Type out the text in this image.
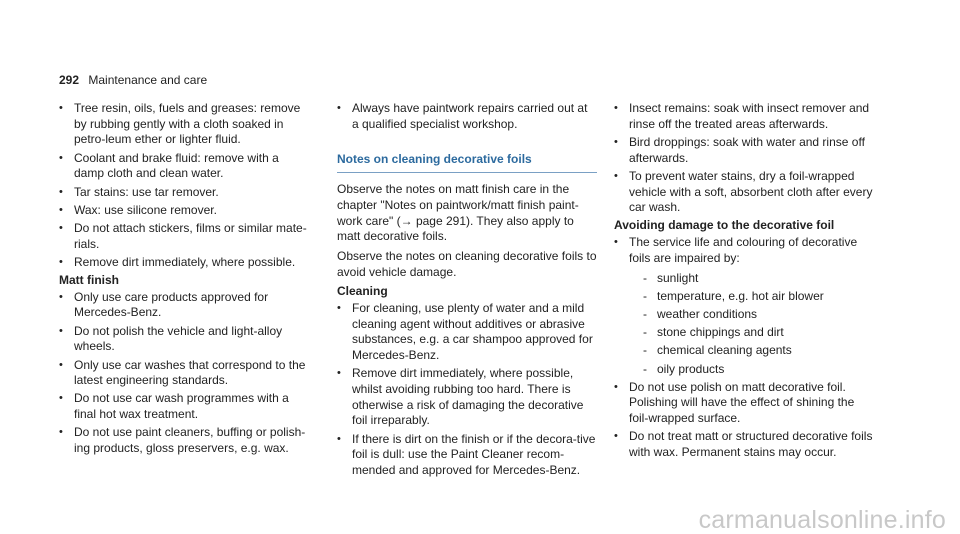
292 Maintenance and care
• Tree resin, oils, fuels and greases: remove by rubbing gently with a cloth soaked in petro-leum ether or lighter fluid.
• Coolant and brake fluid: remove with a damp cloth and clean water.
• Tar stains: use tar remover.
• Wax: use silicone remover.
• Do not attach stickers, films or similar mate-rials.
• Remove dirt immediately, where possible.
Matt finish
• Only use care products approved for Mercedes-Benz.
• Do not polish the vehicle and light-alloy wheels.
• Only use car washes that correspond to the latest engineering standards.
• Do not use car wash programmes with a final hot wax treatment.
• Do not use paint cleaners, buffing or polish-ing products, gloss preservers, e.g. wax.
• Always have paintwork repairs carried out at a qualified specialist workshop.
Notes on cleaning decorative foils

Observe the notes on matt finish care in the chapter "Notes on paintwork/matt finish paint-work care" (→ page 291). They also apply to matt decorative foils.

Observe the notes on cleaning decorative foils to avoid vehicle damage.

Cleaning
• For cleaning, use plenty of water and a mild cleaning agent without additives or abrasive substances, e.g. a car shampoo approved for Mercedes-Benz.
• Remove dirt immediately, where possible, whilst avoiding rubbing too hard. There is otherwise a risk of damaging the decorative foil irreparably.
• If there is dirt on the finish or if the decora-tive foil is dull: use the Paint Cleaner recom-mended and approved for Mercedes-Benz.
• Insect remains: soak with insect remover and rinse off the treated areas afterwards.
• Bird droppings: soak with water and rinse off afterwards.
• To prevent water stains, dry a foil-wrapped vehicle with a soft, absorbent cloth after every car wash.
Avoiding damage to the decorative foil
• The service life and colouring of decorative foils are impaired by:
- sunlight
- temperature, e.g. hot air blower
- weather conditions
- stone chippings and dirt
- chemical cleaning agents
- oily products
• Do not use polish on matt decorative foil. Polishing will have the effect of shining the foil-wrapped surface.
• Do not treat matt or structured decorative foils with wax. Permanent stains may occur.
carmanualsonline.info
